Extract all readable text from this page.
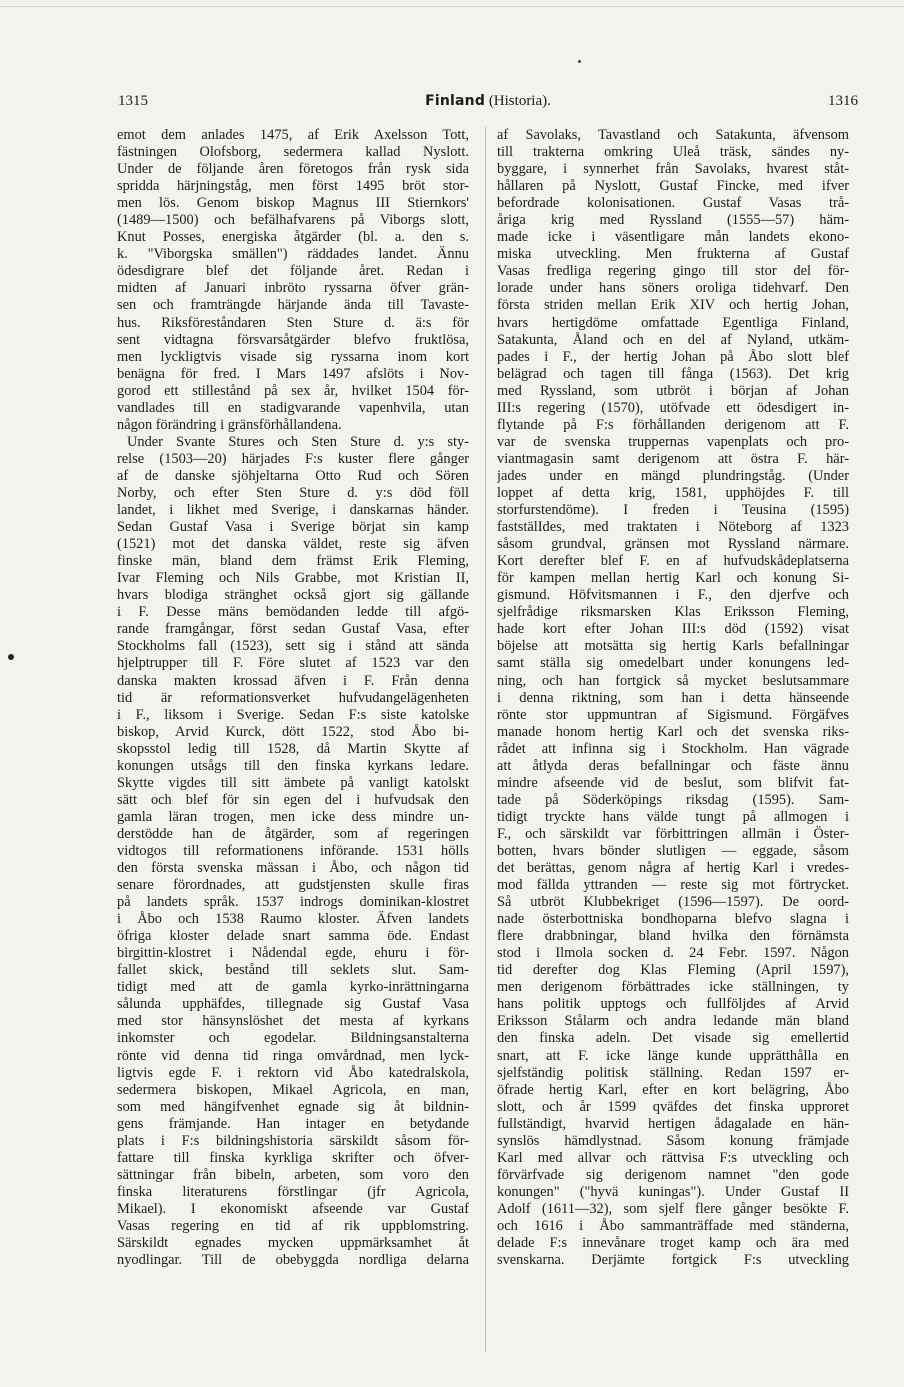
1315	Finland (Historia).	1316
emot dem anlades 1475, af Erik Axelsson Tott,
fästningen Olofsborg, sedermera kallad Nyslott.
Under de följande åren företogos från rysk sida
spridda härjningståg, men först 1495 bröt stor-
men lös. Genom biskop Magnus III Stiernkors'
(1489—1500) och befälhafvarens på Viborgs slott,
Knut Posses, energiska åtgärder (bl. a. den s.
k. "Viborgska smällen") räddades landet. Ännu
ödesdigrare blef det följande året. Redan i
midten af Januari inbröto ryssarna öfver grän-
sen och framträngde härjande ända till Tavaste-
hus. Riksföreståndaren Sten Sture d. ä:s för
sent vidtagna försvarsåtgärder blefvo fruktlösa,
men lyckligtvis visade sig ryssarna inom kort
benägna för fred. I Mars 1497 afslöts i Nov-
gorod ett stillestånd på sex år, hvilket 1504 för-
vandlades till en stadigvarande vapenhvila, utan
någon förändring i gränsförhållandena.
Under Svante Stures och Sten Sture d. y:s sty-
relse (1503—20) härjades F:s kuster flere gånger
af de danske sjöhjeltarna Otto Rud och Sören
Norby, och efter Sten Sture d. y:s död föll
landet, i likhet med Sverige, i danskarnas händer.
Sedan Gustaf Vasa i Sverige börjat sin kamp
(1521) mot det danska väldet, reste sig äfven
finske män, bland dem främst Erik Fleming,
Ivar Fleming och Nils Grabbe, mot Kristian II,
hvars blodiga stränghet också gjort sig gällande
i F. Desse mäns bemödanden ledde till afgö-
rande framgångar, först sedan Gustaf Vasa, efter
Stockholms fall (1523), sett sig i stånd att sända
hjelptrupper till F. Före slutet af 1523 var den
danska makten krossad äfven i F. Från denna
tid är reformationsverket hufvudangelägenheten
i F., liksom i Sverige. Sedan F:s siste katolske
biskop, Arvid Kurck, dött 1522, stod Åbo bi-
skopsstol ledig till 1528, då Martin Skytte af
konungen utsågs till den finska kyrkans ledare.
Skytte vigdes till sitt ämbete på vanligt katolskt
sätt och blef för sin egen del i hufvudsak den
gamla läran trogen, men icke dess mindre un-
derstödde han de åtgärder, som af regeringen
vidtogos till reformationens införande. 1531 hölls
den första svenska mässan i Åbo, och någon tid
senare förordnades, att gudstjensten skulle firas
på landets språk. 1537 indrogs dominikan-klostret
i Åbo och 1538 Raumo kloster. Äfven landets
öfriga kloster delade snart samma öde. Endast
birgittin-klostret i Nådendal egde, ehuru i för-
fallet skick, bestånd till seklets slut. Sam-
tidigt med att de gamla kyrko-inrättningarna
sålunda upphäfdes, tillegnade sig Gustaf Vasa
med stor hänsynslöshet det mesta af kyrkans
inkomster och egodelar. Bildningsanstalterna
rönte vid denna tid ringa omvårdnad, men lyck-
ligtvis egde F. i rektorn vid Åbo katedralskola,
sedermera biskopen, Mikael Agricola, en man,
som med hängifvenhet egnade sig åt bildnin-
gens främjande. Han intager en betydande
plats i F:s bildningshistoria särskildt såsom för-
fattare till finska kyrkliga skrifter och öfver-
sättningar från bibeln, arbeten, som voro den
finska literaturens förstlingar (jfr Agricola,
Mikael). I ekonomiskt afseende var Gustaf
Vasas regering en tid af rik uppblomstring.
Särskildt egnades mycken uppmärksamhet åt
nyodlingar. Till de obebyggda nordliga delarna
af Savolaks, Tavastland och Satakunta, äfvensom
till trakterna omkring Uleå träsk, sändes ny-
byggare, i synnerhet från Savolaks, hvarest ståt-
hållaren på Nyslott, Gustaf Fincke, med ifver
befordrade kolonisationen. Gustaf Vasas trå-
åriga krig med Ryssland (1555—57) häm-
made icke i väsentligare mån landets ekono-
miska utveckling. Men frukterna af Gustaf
Vasas fredliga regering gingo till stor del för-
lorade under hans söners oroliga tidehvarf. Den
första striden mellan Erik XIV och hertig Johan,
hvars hertigdöme omfattade Egentliga Finland,
Satakunta, Åland och en del af Nyland, utkäm-
pades i F., der hertig Johan på Åbo slott blef
belägrad och tagen till fånga (1563). Det krig
med Ryssland, som utbröt i början af Johan
III:s regering (1570), utöfvade ett ödesdigert in-
flytande på F:s förhållanden derigenom att F.
var de svenska truppernas vapenplats och pro-
viantmagasin samt derigenom att östra F. här-
jades under en mängd plundringståg. (Under
loppet af detta krig, 1581, upphöjdes F. till
storfurstendöme). I freden i Teusina (1595)
faststälIdes, med traktaten i Nöteborg af 1323
såsom grundval, gränsen mot Ryssland närmare.
Kort derefter blef F. en af hufvudskådeplatserna
för kampen mellan hertig Karl och konung Si-
gismund. Höfvitsmannen i F., den djerfve och
sjelfrådige riksmarsken Klas Eriksson Fleming,
hade kort efter Johan III:s död (1592) visat
böjelse att motsätta sig hertig Karls befallningar
samt ställa sig omedelbart under konungens led-
ning, och han fortgick så mycket beslutsammare
i denna riktning, som han i detta hänseende
rönte stor uppmuntran af Sigismund. Förgäfves
manade honom hertig Karl och det svenska riks-
rådet att infinna sig i Stockholm. Han vägrade
att åtlyda deras befallningar och fäste ännu
mindre afseende vid de beslut, som blifvit fat-
tade på Söderköpings riksdag (1595). Sam-
tidigt tryckte hans välde tungt på allmogen i
F., och särskildt var förbittringen allmän i Öster-
botten, hvars bönder slutligen — eggade, såsom
det berättas, genom några af hertig Karl i vredes-
mod fällda yttranden — reste sig mot förtrycket.
Så utbröt Klubbekriget (1596—1597). De oord-
nade österbottniska bondhoparna blefvo slagna i
flere drabbningar, bland hvilka den förnämsta
stod i Ilmola socken d. 24 Febr. 1597. Någon
tid derefter dog Klas Fleming (April 1597),
men derigenom förbättrades icke ställningen, ty
hans politik upptogs och fullföljdes af Arvid
Eriksson Stålarm och andra ledande män bland
den finska adeln. Det visade sig emellertid
snart, att F. icke länge kunde upprätthålla en
sjelfständig politisk ställning. Redan 1597 er-
öfrade hertig Karl, efter en kort belägring, Åbo
slott, och år 1599 qväfdes det finska upproret
fullständigt, hvarvid hertigen ådagalade en hän-
synslös hämdlystnad. Såsom konung främjade
Karl med allvar och rättvisa F:s utveckling och
förvärfvade sig derigenom namnet "den gode
konungen" ("hyvä kuningas"). Under Gustaf II
Adolf (1611—32), som sjelf flere gånger besökte F.
och 1616 i Åbo sammanträffade med ständerna,
delade F:s innevånare troget kamp och ära med
svenskarna. Derjämte fortgick F:s utveckling
